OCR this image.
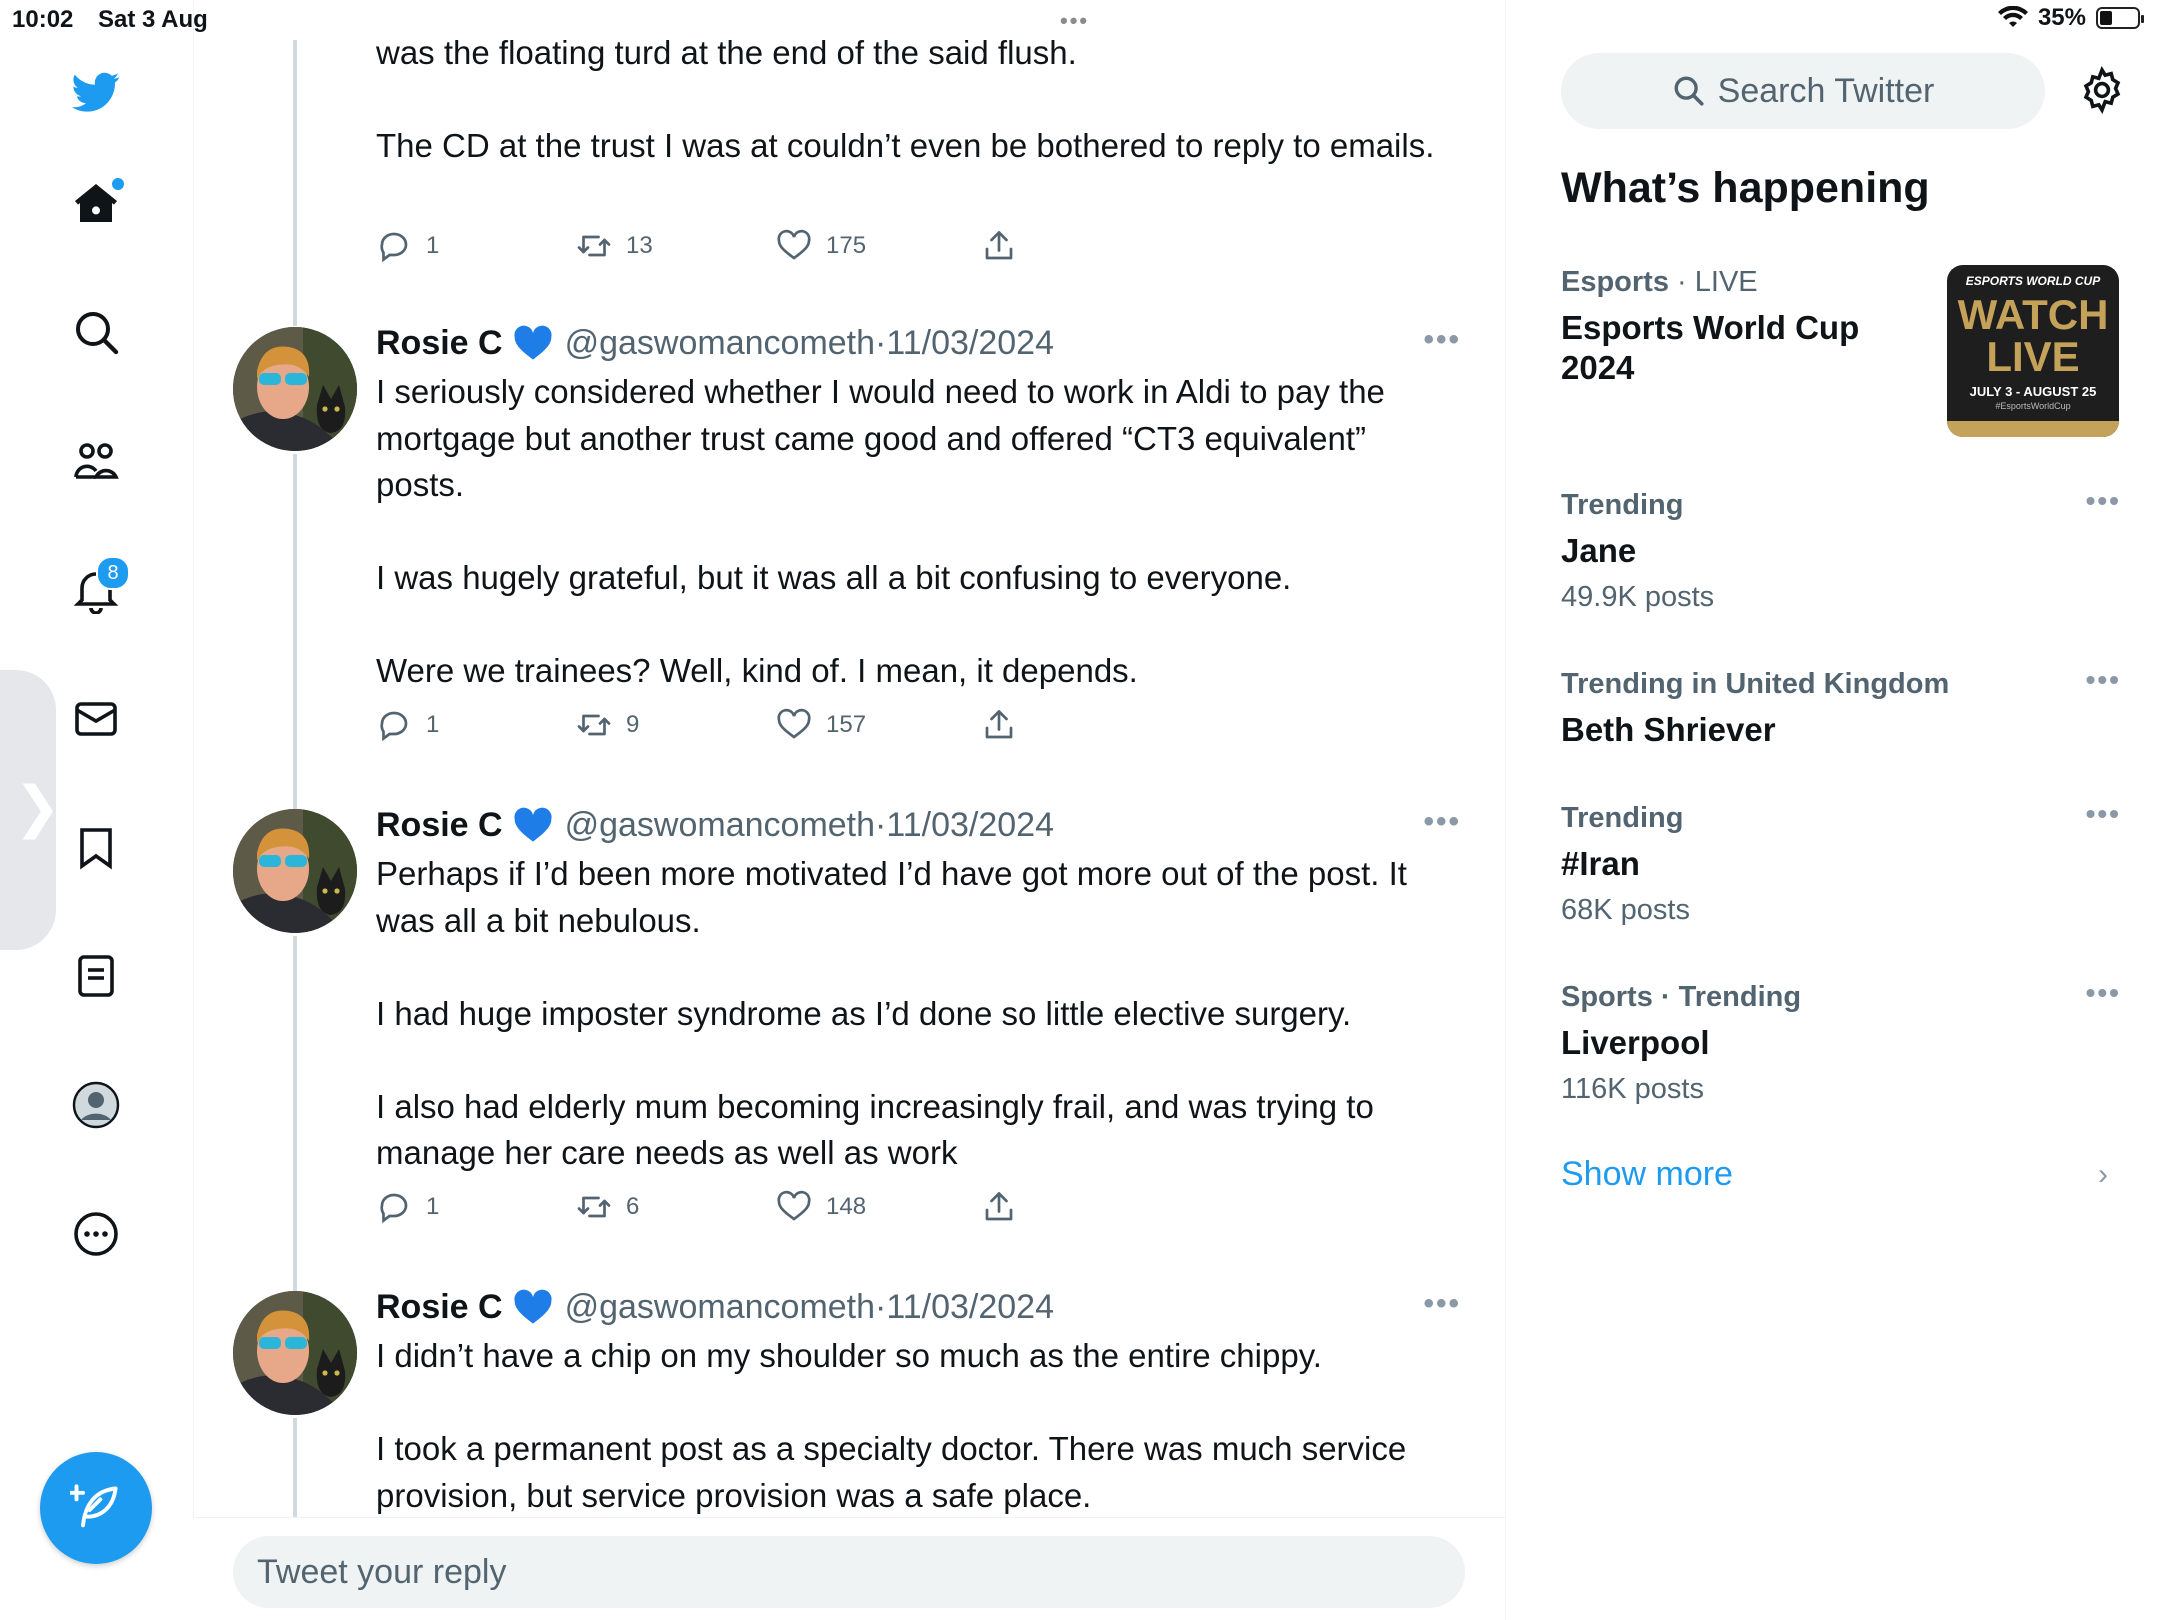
10:02 Sat 3 Aug	•••	35%
8
❯

was the floating turd at the end of the said flush.

The CD at the trust I was at couldn’t even be bothered to reply to emails.

1	13	175
Rosie C @gaswomancometh · 11/03/2024	•••

I seriously considered whether I would need to work in Aldi to pay the mortgage but another trust came good and offered “CT3 equivalent” posts.

I was hugely grateful, but it was all a bit confusing to everyone.

Were we trainees? Well, kind of. I mean, it depends.

1	9	157
Rosie C @gaswomancometh · 11/03/2024	•••

Perhaps if I’d been more motivated I’d have got more out of the post. It was all a bit nebulous.

I had huge imposter syndrome as I’d done so little elective surgery.

I also had elderly mum becoming increasingly frail, and was trying to manage her care needs as well as work

1	6	148
Rosie C @gaswomancometh · 11/03/2024	•••

I didn’t have a chip on my shoulder so much as the entire chippy.

I took a permanent post as a specialty doctor. There was much service provision, but service provision was a safe place.

Tweet your reply
Search Twitter
What’s happening
Esports · LIVE
Esports World Cup 2024
ESPORTS WORLD CUP
WATCH LIVE
JULY 3 - AUGUST 25
#EsportsWorldCup
Trending
Jane
49.9K posts
•••
Trending in United Kingdom
Beth Shriever
•••
Trending
#Iran
68K posts
•••
Sports · Trending
Liverpool
116K posts
•••
Show more	›
